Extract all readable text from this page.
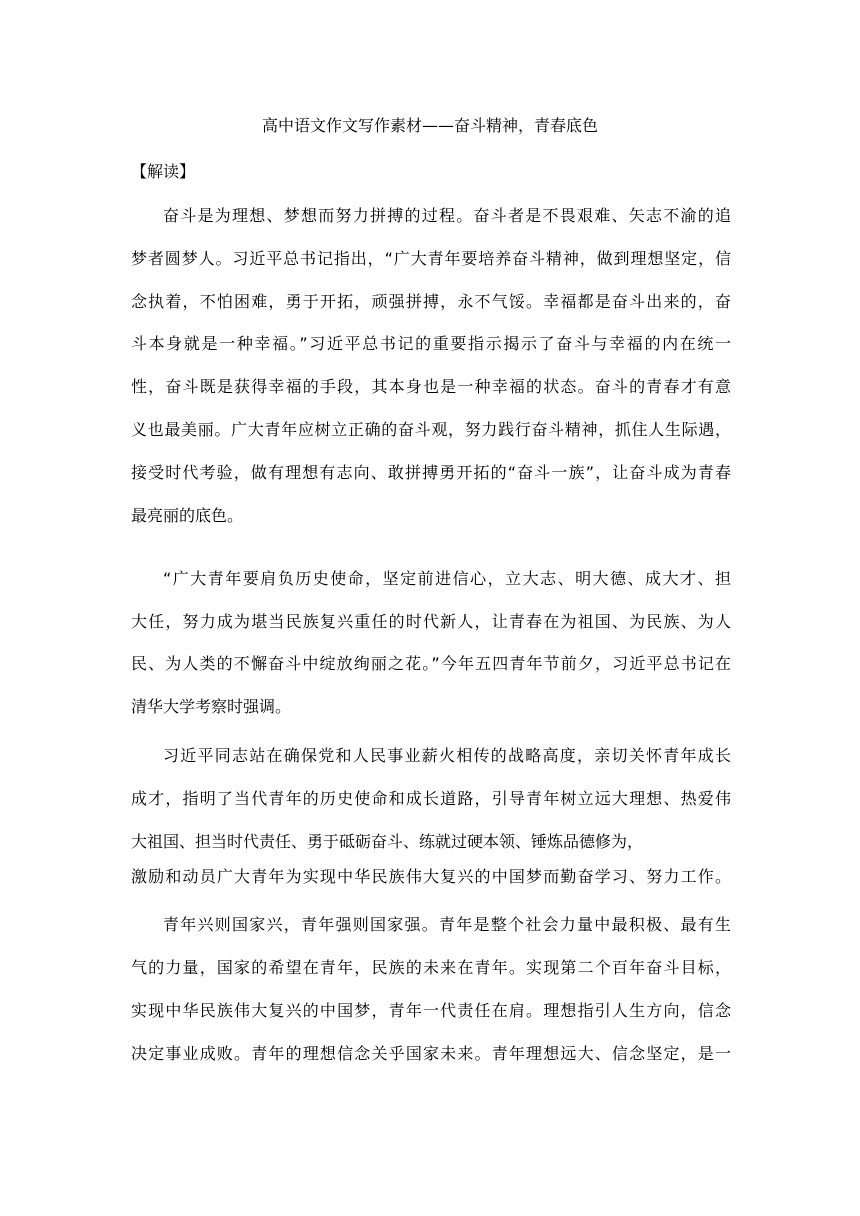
高中语文作文写作素材——奋斗精神，青春底色
【解读】
奋斗是为理想、梦想而努力拼搏的过程。奋斗者是不畏艰难、矢志不渝的追
梦者圆梦人。习近平总书记指出，“广大青年要培养奋斗精神，做到理想坚定，信
念执着，不怕困难，勇于开拓，顽强拼搏，永不气馁。幸福都是奋斗出来的，奋
斗本身就是一种幸福。”习近平总书记的重要指示揭示了奋斗与幸福的内在统一
性，奋斗既是获得幸福的手段，其本身也是一种幸福的状态。奋斗的青春才有意
义也最美丽。广大青年应树立正确的奋斗观，努力践行奋斗精神，抓住人生际遇，
接受时代考验，做有理想有志向、敢拼搏勇开拓的“奋斗一族”，让奋斗成为青春
最亮丽的底色。
“广大青年要肩负历史使命，坚定前进信心，立大志、明大德、成大才、担
大任，努力成为堪当民族复兴重任的时代新人，让青春在为祖国、为民族、为人
民、为人类的不懈奋斗中绽放绚丽之花。”今年五四青年节前夕，习近平总书记在
清华大学考察时强调。
习近平同志站在确保党和人民事业薪火相传的战略高度，亲切关怀青年成长
成才，指明了当代青年的历史使命和成长道路，引导青年树立远大理想、热爱伟
大祖国、担当时代责任、勇于砥砺奋斗、练就过硬本领、锤炼品德修为，
激励和动员广大青年为实现中华民族伟大复兴的中国梦而勤奋学习、努力工作。
青年兴则国家兴，青年强则国家强。青年是整个社会力量中最积极、最有生
气的力量，国家的希望在青年，民族的未来在青年。实现第二个百年奋斗目标，
实现中华民族伟大复兴的中国梦，青年一代责任在肩。理想指引人生方向，信念
决定事业成败。青年的理想信念关乎国家未来。青年理想远大、信念坚定，是一
